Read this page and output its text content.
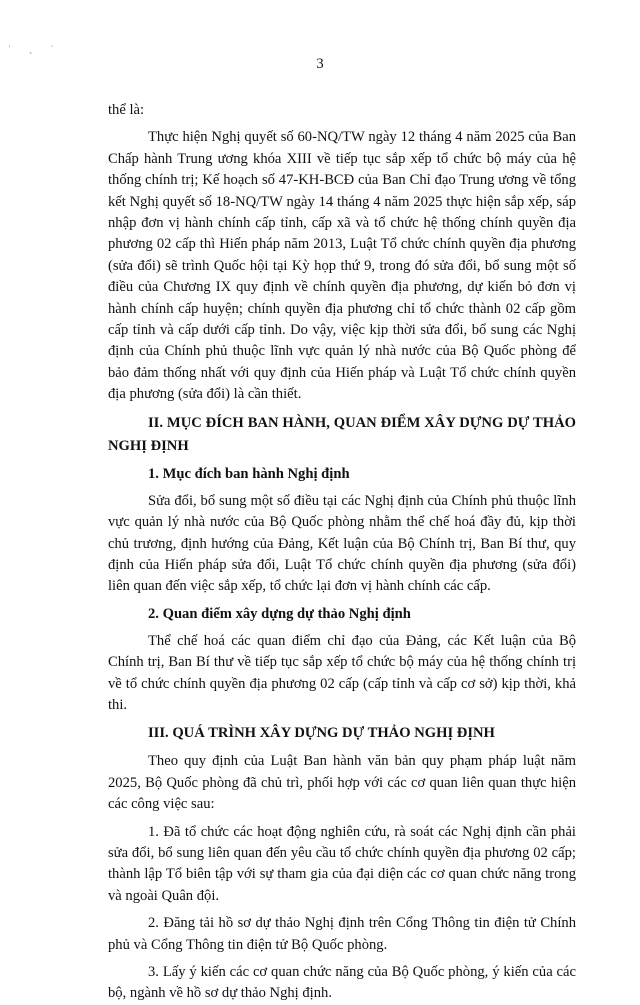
˙ ˏ ˙
3

thể là:

Thực hiện Nghị quyết số 60-NQ/TW ngày 12 tháng 4 năm 2025 của Ban Chấp hành Trung ương khóa XIII về tiếp tục sắp xếp tổ chức bộ máy của hệ thống chính trị; Kế hoạch số 47-KH-BCĐ của Ban Chỉ đạo Trung ương về tổng kết Nghị quyết số 18-NQ/TW ngày 14 tháng 4 năm 2025 thực hiện sắp xếp, sáp nhập đơn vị hành chính cấp tỉnh, cấp xã và tổ chức hệ thống chính quyền địa phương 02 cấp thì Hiến pháp năm 2013, Luật Tổ chức chính quyền địa phương (sửa đổi) sẽ trình Quốc hội tại Kỳ họp thứ 9, trong đó sửa đổi, bổ sung một số điều của Chương IX quy định về chính quyền địa phương, dự kiến bỏ đơn vị hành chính cấp huyện; chính quyền địa phương chỉ tổ chức thành 02 cấp gồm cấp tỉnh và cấp dưới cấp tỉnh. Do vậy, việc kịp thời sửa đổi, bổ sung các Nghị định của Chính phủ thuộc lĩnh vực quản lý nhà nước của Bộ Quốc phòng để bảo đảm thống nhất với quy định của Hiến pháp và Luật Tổ chức chính quyền địa phương (sửa đổi) là cần thiết.

II. MỤC ĐÍCH BAN HÀNH, QUAN ĐIỂM XÂY DỰNG DỰ THẢO NGHỊ ĐỊNH

1. Mục đích ban hành Nghị định

Sửa đổi, bổ sung một số điều tại các Nghị định của Chính phủ thuộc lĩnh vực quản lý nhà nước của Bộ Quốc phòng nhằm thể chế hoá đầy đủ, kịp thời chủ trương, định hướng của Đảng, Kết luận của Bộ Chính trị, Ban Bí thư, quy định của Hiến pháp sửa đổi, Luật Tổ chức chính quyền địa phương (sửa đổi) liên quan đến việc sắp xếp, tổ chức lại đơn vị hành chính các cấp.

2. Quan điểm xây dựng dự thảo Nghị định

Thể chế hoá các quan điểm chỉ đạo của Đảng, các Kết luận của Bộ Chính trị, Ban Bí thư về tiếp tục sắp xếp tổ chức bộ máy của hệ thống chính trị về tổ chức chính quyền địa phương 02 cấp (cấp tỉnh và cấp cơ sở) kịp thời, khả thi.

III. QUÁ TRÌNH XÂY DỰNG DỰ THẢO NGHỊ ĐỊNH

Theo quy định của Luật Ban hành văn bản quy phạm pháp luật năm 2025, Bộ Quốc phòng đã chủ trì, phối hợp với các cơ quan liên quan thực hiện các công việc sau:

1. Đã tổ chức các hoạt động nghiên cứu, rà soát các Nghị định cần phải sửa đổi, bổ sung liên quan đến yêu cầu tổ chức chính quyền địa phương 02 cấp; thành lập Tổ biên tập với sự tham gia của đại diện các cơ quan chức năng trong và ngoài Quân đội.

2. Đăng tải hồ sơ dự thảo Nghị định trên Cổng Thông tin điện tử Chính phủ và Cổng Thông tin điện tử Bộ Quốc phòng.

3. Lấy ý kiến các cơ quan chức năng của Bộ Quốc phòng, ý kiến của các bộ, ngành về hồ sơ dự thảo Nghị định.
